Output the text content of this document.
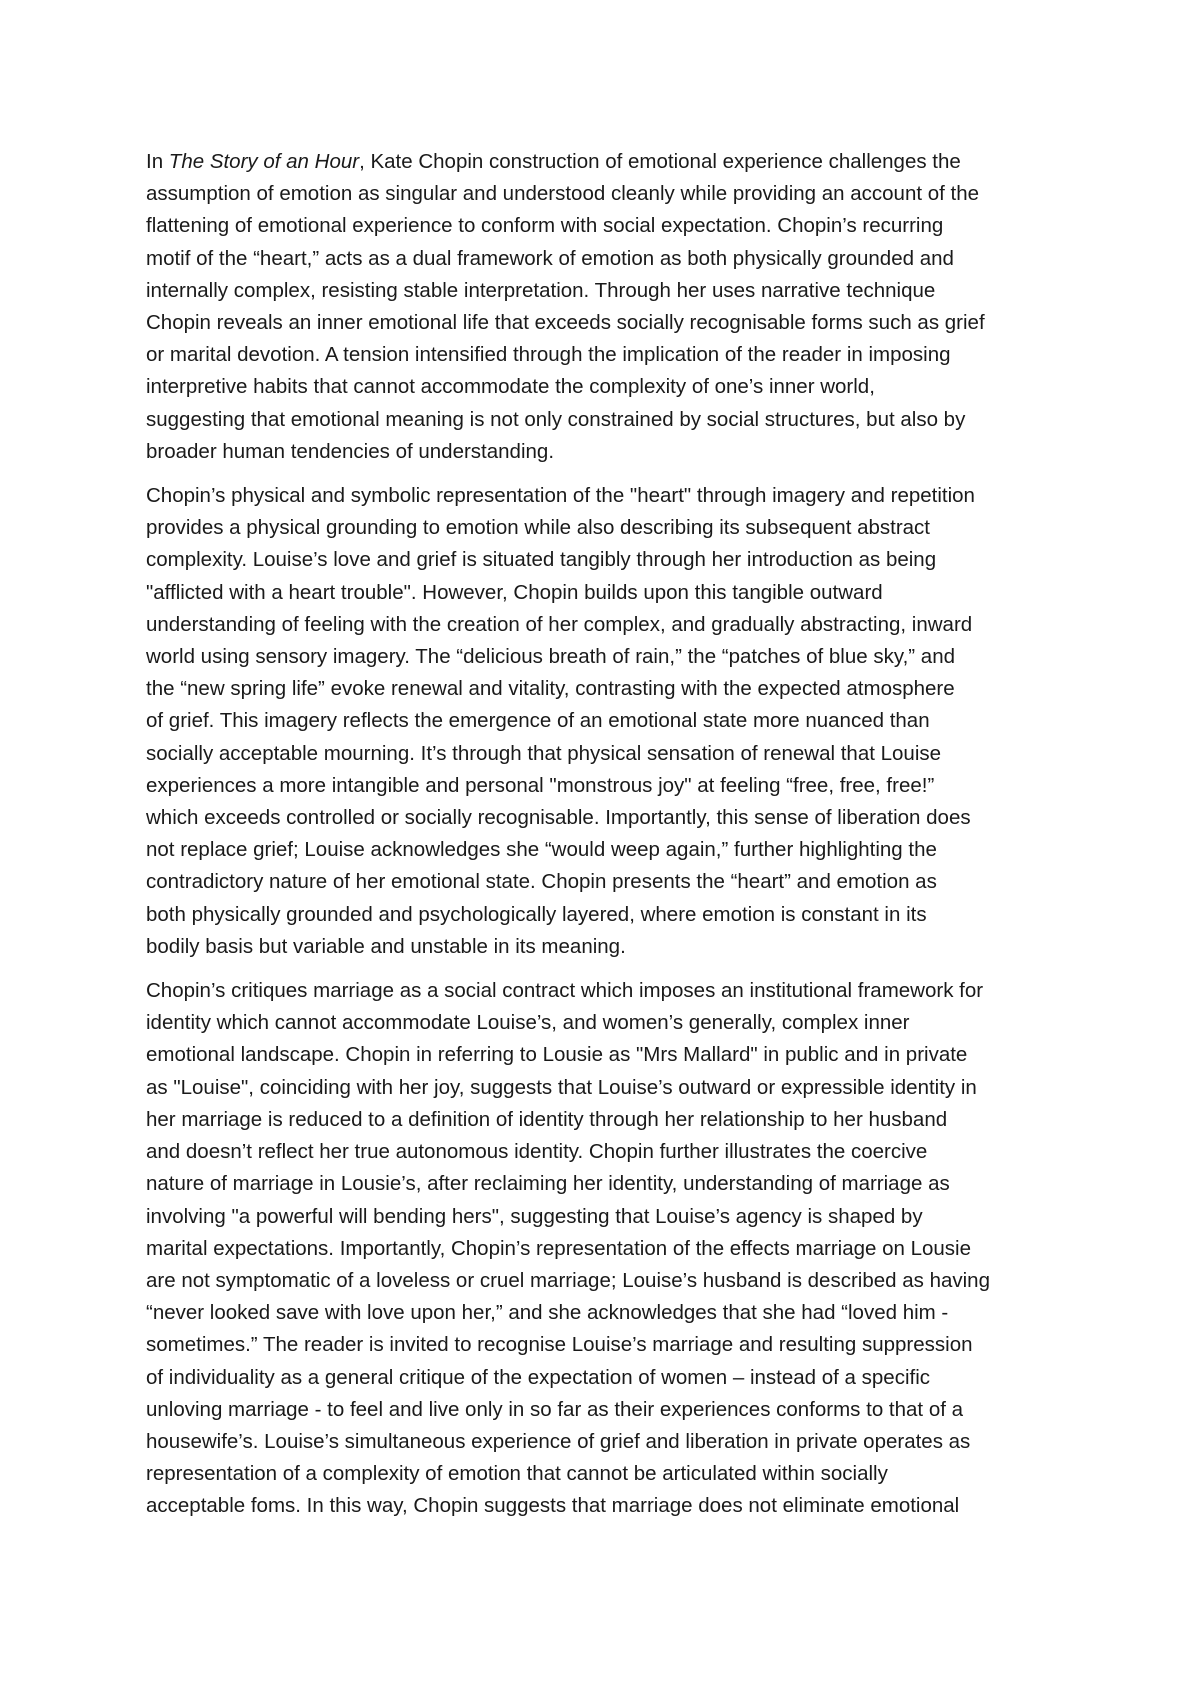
In The Story of an Hour, Kate Chopin construction of emotional experience challenges the
assumption of emotion as singular and understood cleanly while providing an account of the
flattening of emotional experience to conform with social expectation. Chopin’s recurring
motif of the “heart,” acts as a dual framework of emotion as both physically grounded and
internally complex, resisting stable interpretation. Through her uses narrative technique
Chopin reveals an inner emotional life that exceeds socially recognisable forms such as grief
or marital devotion. A tension intensified through the implication of the reader in imposing
interpretive habits that cannot accommodate the complexity of one’s inner world,
suggesting that emotional meaning is not only constrained by social structures, but also by
broader human tendencies of understanding.

Chopin’s physical and symbolic representation of the "heart" through imagery and repetition
provides a physical grounding to emotion while also describing its subsequent abstract
complexity. Louise’s love and grief is situated tangibly through her introduction as being
"afflicted with a heart trouble". However, Chopin builds upon this tangible outward
understanding of feeling with the creation of her complex, and gradually abstracting, inward
world using sensory imagery. The “delicious breath of rain,” the “patches of blue sky,” and
the “new spring life” evoke renewal and vitality, contrasting with the expected atmosphere
of grief. This imagery reflects the emergence of an emotional state more nuanced than
socially acceptable mourning. It’s through that physical sensation of renewal that Louise
experiences a more intangible and personal "monstrous joy" at feeling “free, free, free!”
which exceeds controlled or socially recognisable. Importantly, this sense of liberation does
not replace grief; Louise acknowledges she “would weep again,” further highlighting the
contradictory nature of her emotional state. Chopin presents the “heart” and emotion as
both physically grounded and psychologically layered, where emotion is constant in its
bodily basis but variable and unstable in its meaning.

Chopin’s critiques marriage as a social contract which imposes an institutional framework for
identity which cannot accommodate Louise’s, and women’s generally, complex inner
emotional landscape. Chopin in referring to Lousie as "Mrs Mallard" in public and in private
as "Louise", coinciding with her joy, suggests that Louise’s outward or expressible identity in
her marriage is reduced to a definition of identity through her relationship to her husband
and doesn’t reflect her true autonomous identity. Chopin further illustrates the coercive
nature of marriage in Lousie’s, after reclaiming her identity, understanding of marriage as
involving "a powerful will bending hers", suggesting that Louise’s agency is shaped by
marital expectations. Importantly, Chopin’s representation of the effects marriage on Lousie
are not symptomatic of a loveless or cruel marriage; Louise’s husband is described as having
“never looked save with love upon her,” and she acknowledges that she had “loved him -
sometimes.” The reader is invited to recognise Louise’s marriage and resulting suppression
of individuality as a general critique of the expectation of women – instead of a specific
unloving marriage - to feel and live only in so far as their experiences conforms to that of a
housewife’s. Louise’s simultaneous experience of grief and liberation in private operates as
representation of a complexity of emotion that cannot be articulated within socially
acceptable foms. In this way, Chopin suggests that marriage does not eliminate emotional
